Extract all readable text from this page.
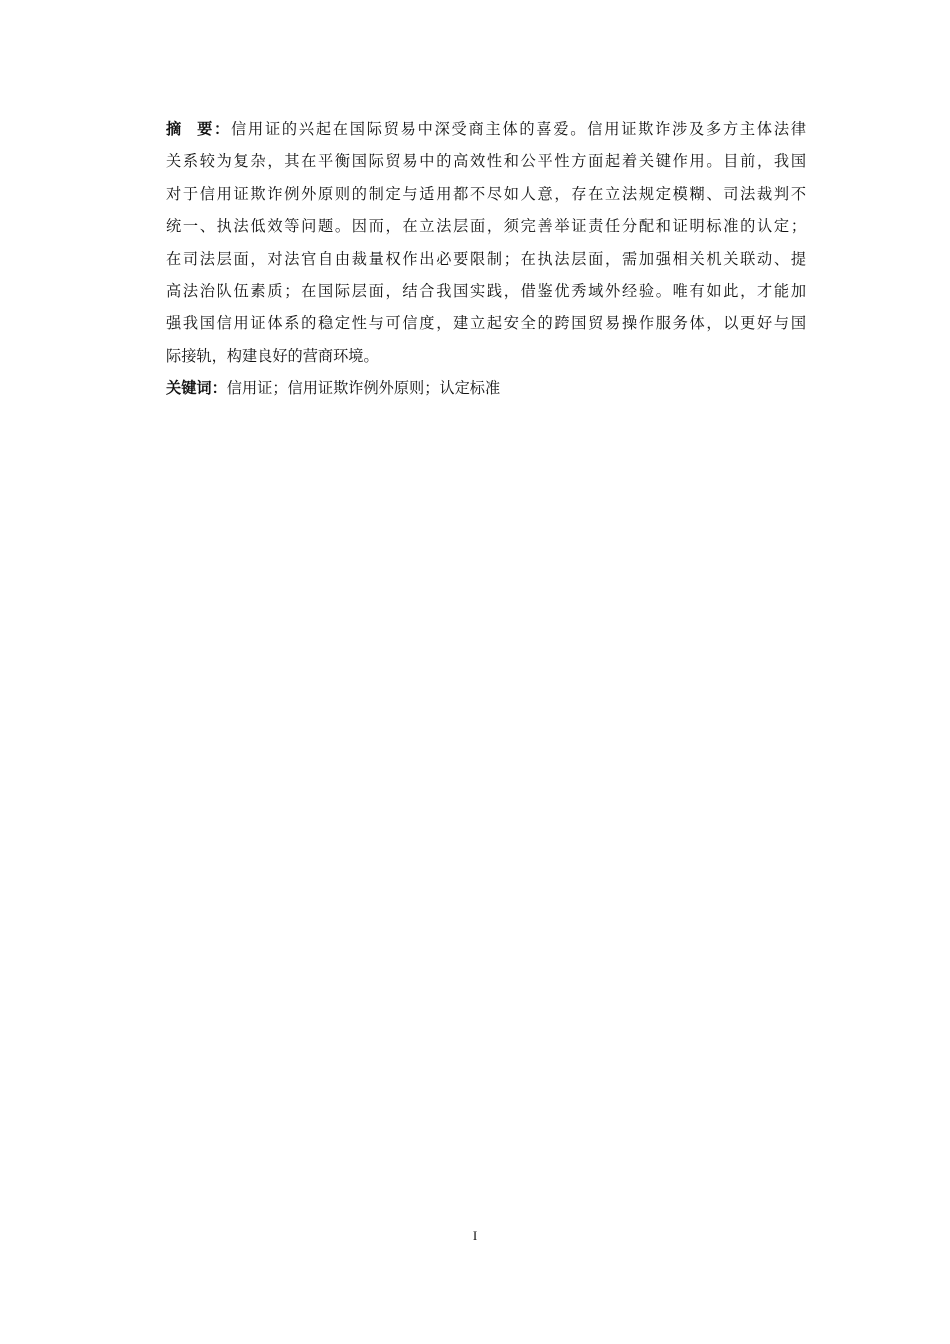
摘  要：信用证的兴起在国际贸易中深受商主体的喜爱。信用证欺诈涉及多方主体法律
关系较为复杂，其在平衡国际贸易中的高效性和公平性方面起着关键作用。目前，我国
对于信用证欺诈例外原则的制定与适用都不尽如人意，存在立法规定模糊、司法裁判不
统一、执法低效等问题。因而，在立法层面，须完善举证责任分配和证明标准的认定；
在司法层面，对法官自由裁量权作出必要限制；在执法层面，需加强相关机关联动、提
高法治队伍素质；在国际层面，结合我国实践，借鉴优秀域外经验。唯有如此，才能加
强我国信用证体系的稳定性与可信度，建立起安全的跨国贸易操作服务体，以更好与国
际接轨，构建良好的营商环境。
关键词：信用证；信用证欺诈例外原则；认定标准
I
